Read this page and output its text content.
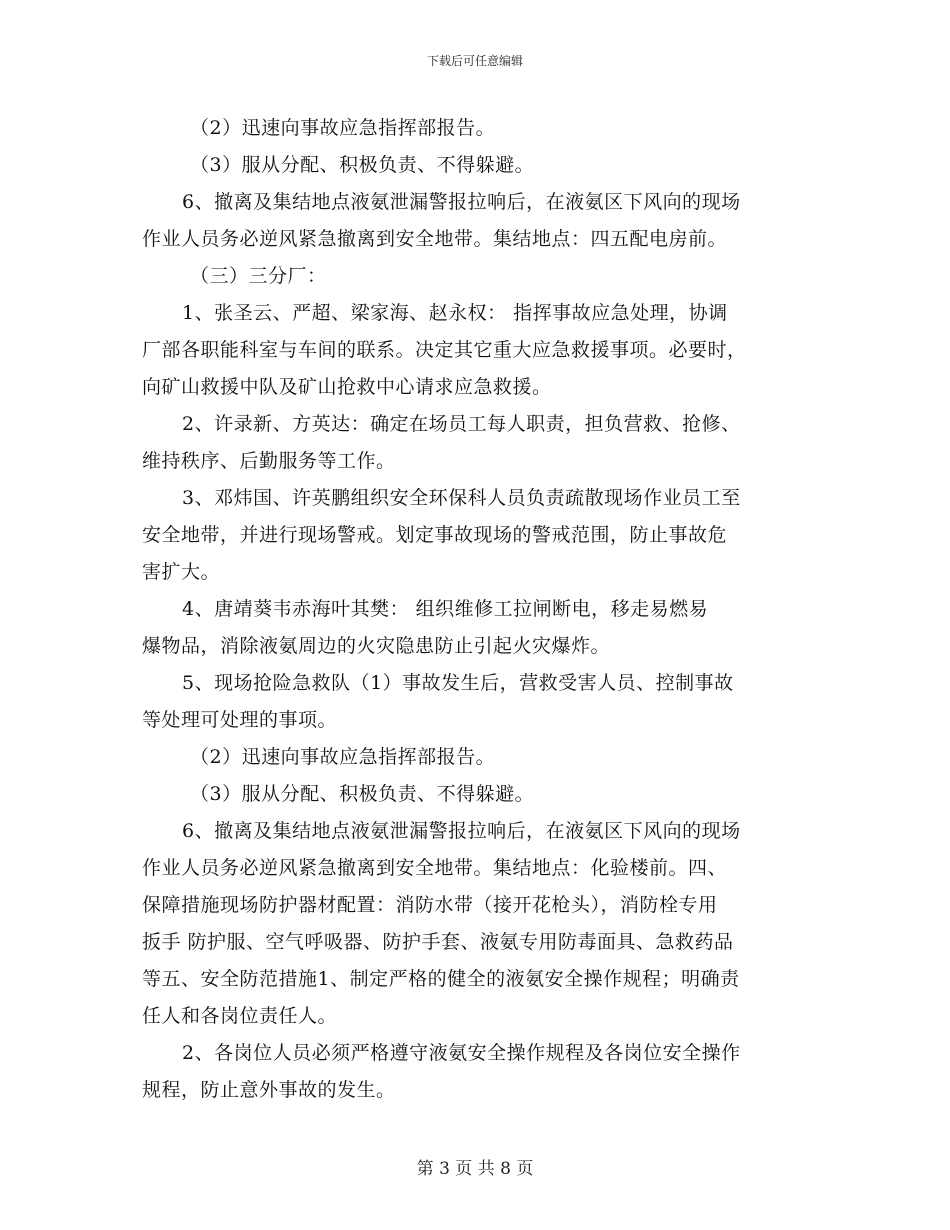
下载后可任意编辑
（2）迅速向事故应急指挥部报告。
（3）服从分配、积极负责、不得躲避。
6、撤离及集结地点液氨泄漏警报拉响后，在液氨区下风向的现场
作业人员务必逆风紧急撤离到安全地带。集结地点：四五配电房前。
（三）三分厂：
1、张圣云、严超、梁家海、赵永权： 指挥事故应急处理，协调
厂部各职能科室与车间的联系。决定其它重大应急救援事项。必要时，
向矿山救援中队及矿山抢救中心请求应急救援。
2、许录新、方英达：确定在场员工每人职责，担负营救、抢修、
维持秩序、后勤服务等工作。
3、邓炜国、许英鹏组织安全环保科人员负责疏散现场作业员工至
安全地带，并进行现场警戒。划定事故现场的警戒范围，防止事故危
害扩大。
4、唐靖葵韦赤海叶其樊： 组织维修工拉闸断电，移走易燃易
爆物品，消除液氨周边的火灾隐患防止引起火灾爆炸。
5、现场抢险急救队（1）事故发生后，营救受害人员、控制事故
等处理可处理的事项。
（2）迅速向事故应急指挥部报告。
（3）服从分配、积极负责、不得躲避。
6、撤离及集结地点液氨泄漏警报拉响后，在液氨区下风向的现场
作业人员务必逆风紧急撤离到安全地带。集结地点：化验楼前。四、
保障措施现场防护器材配置：消防水带（接开花枪头），消防栓专用
扳手 防护服、空气呼吸器、防护手套、液氨专用防毒面具、急救药品
等五、安全防范措施1、制定严格的健全的液氨安全操作规程；明确责
任人和各岗位责任人。
2、各岗位人员必须严格遵守液氨安全操作规程及各岗位安全操作
规程，防止意外事故的发生。
第 3 页 共 8 页
